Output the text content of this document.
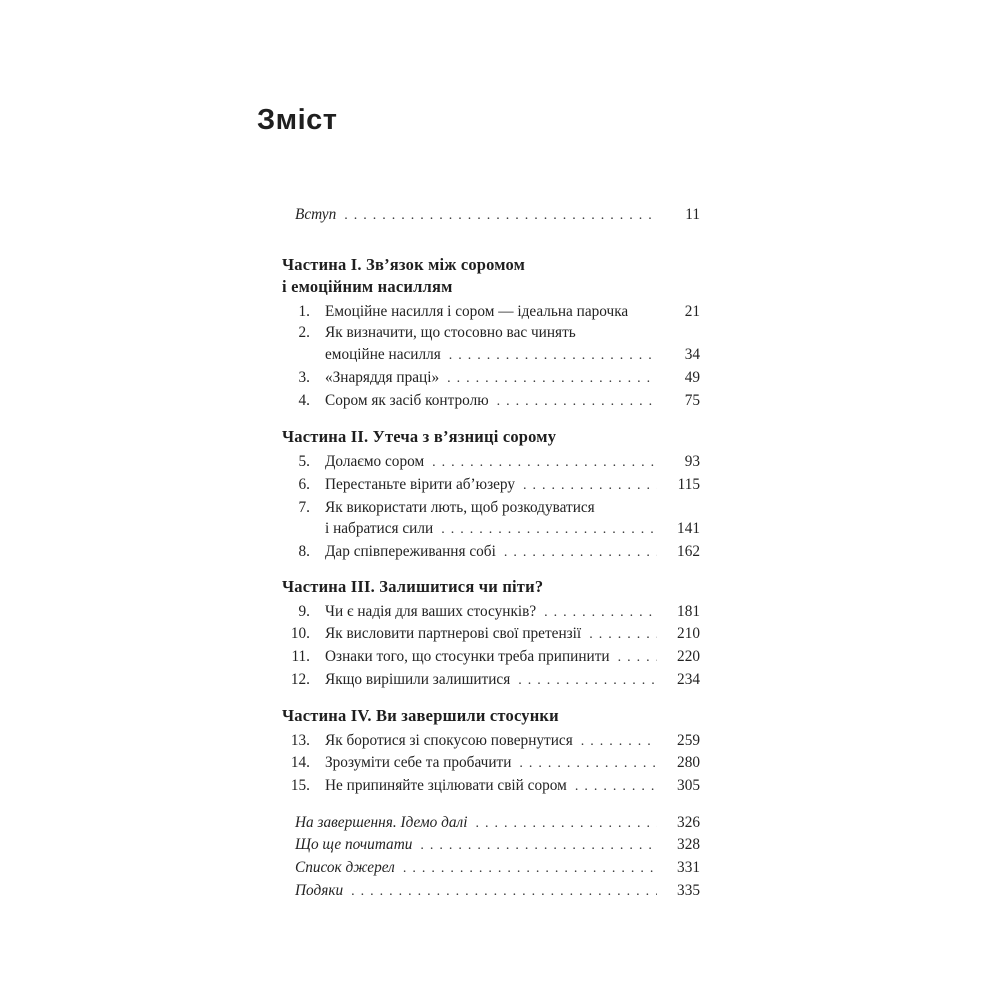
Зміст
Вступ .....	11
Частина I. Зв’язок між соромом
і емоційним насиллям
1. Емоційне насилля і сором — ідеальна парочка	21
2. Як визначити, що стосовно вас чинять
емоційне насилля .....	34
3. «Знаряддя праці» .....	49
4. Сором як засіб контролю .....	75
Частина II. Утеча з в’язниці сорому
5. Долаємо сором .....	93
6. Перестаньте вірити аб’юзеру .....	115
7. Як використати лють, щоб розкодуватися
і набратися сили .....	141
8. Дар співпереживання собі .....	162
Частина III. Залишитися чи піти?
9. Чи є надія для ваших стосунків? .....	181
10. Як висловити партнерові свої претензії .....	210
11. Ознаки того, що стосунки треба припинити .....	220
12. Якщо вирішили залишитися .....	234
Частина IV. Ви завершили стосунки
13. Як боротися зі спокусою повернутися .....	259
14. Зрозуміти себе та пробачити .....	280
15. Не припиняйте зцілювати свій сором .....	305
На завершення. Ідемо далі .....	326
Що ще почитати .....	328
Список джерел .....	331
Подяки .....	335
